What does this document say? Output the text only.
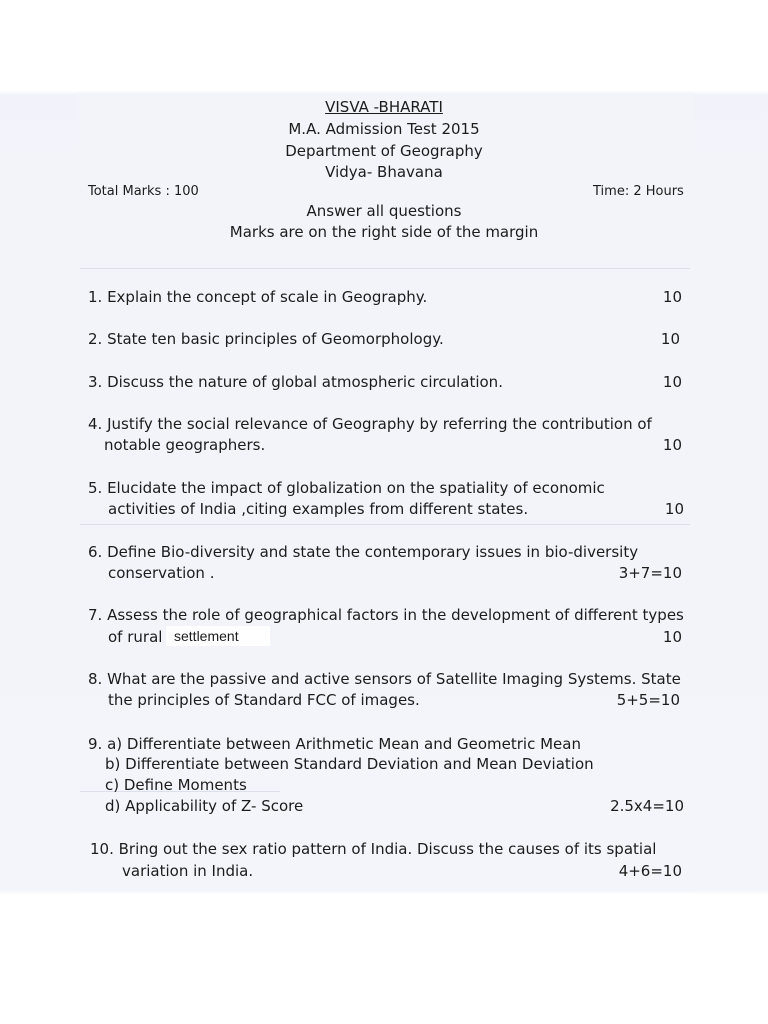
VISVA -BHARATI
M.A. Admission Test 2015
Department of Geography
Vidya- Bhavana
Total Marks : 100	Time: 2 Hours
Answer all questions
Marks are on the right side of the margin
1. Explain the concept of scale in Geography.	10
2. State ten basic principles of Geomorphology.	10
3. Discuss the nature of global atmospheric circulation.	10
4. Justify the social relevance of Geography by referring the contribution of
notable geographers.	10
5. Elucidate the impact of globalization on the spatiality of economic
activities of India ,citing examples from different states.	10
6. Define Bio-diversity and state the contemporary issues in bio-diversity
conservation .	3+7=10
7. Assess the role of geographical factors in the development of different types
of rural settlement	10
8. What are the passive and active sensors of Satellite Imaging Systems. State
the principles of Standard FCC of images.	5+5=10
9. a) Differentiate between Arithmetic Mean and Geometric Mean
b) Differentiate between Standard Deviation and Mean Deviation
c) Define Moments
d) Applicability of Z- Score	2.5x4=10
10. Bring out the sex ratio pattern of India. Discuss the causes of its spatial
variation in India.	4+6=10
